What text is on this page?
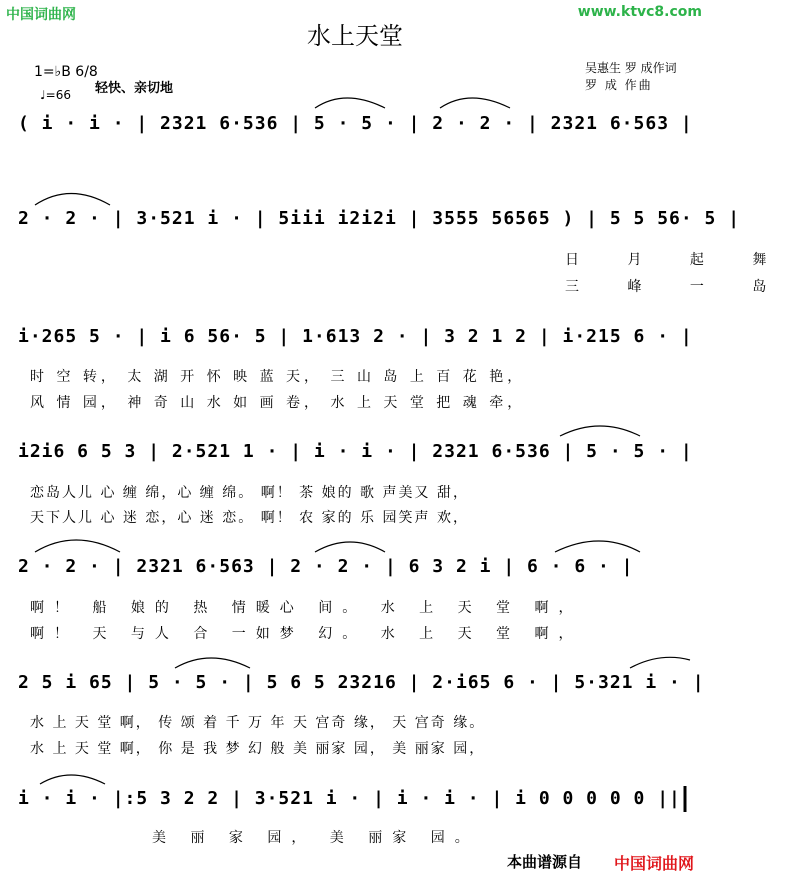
中国词曲网	www.ktvc8.com
水上天堂
1=♭B 6/8
♩=66 轻快、亲切地
吴惠生 罗 成作词
罗 成 作曲
( i · i · | 2321 6·536 | 5 · 5 · | 2 · 2 · | 2321 6·563 |
2 · 2 · | 3·521 i · | 5iii i2i2i | 3555 56565 ) | 5 5 56· 5 |
日 月 起 舞
三 峰 一 岛
i·265 5 · | i 6 56· 5 | 1·613 2 · | 3 2 1 2 | i·215 6 · |
时 空 转， 太 湖 开 怀 映 蓝 天， 三 山 岛 上 百 花 艳，
风 情 园， 神 奇 山 水 如 画 卷， 水 上 天 堂 把 魂 牵，
i2i6 6 5 3 | 2·521 1 · | i · i · | 2321 6·536 | 5 · 5 · |
恋岛人儿 心 缠 绵，心 缠 绵。 啊！ 茶 娘的 歌 声美又 甜，
天下人儿 心 迷 恋，心 迷 恋。 啊！ 农 家的 乐 园笑声 欢，
2 · 2 · | 2321 6·563 | 2 · 2 · | 6 3 2 i | 6 · 6 · |
啊！ 船 娘的 热 情暖心 间。 水 上 天 堂 啊，
啊！ 天 与人 合 一如梦 幻。 水 上 天 堂 啊，
2 5 i 65 | 5 · 5 · | 5 6 5 23216 | 2·i65 6 · | 5·321 i · |
水 上 天 堂 啊， 传 颂 着 千 万 年 天 宫奇 缘， 天 宫奇 缘。
水 上 天 堂 啊， 你 是 我 梦 幻 般 美 丽家 园， 美 丽家 园，
i · i · |:5 3 2 2 | 3·521 i · | i · i · | i 0 0 0 0 0 ||
美 丽 家 园， 美 丽家 园。
本曲谱源自 中国词曲网
